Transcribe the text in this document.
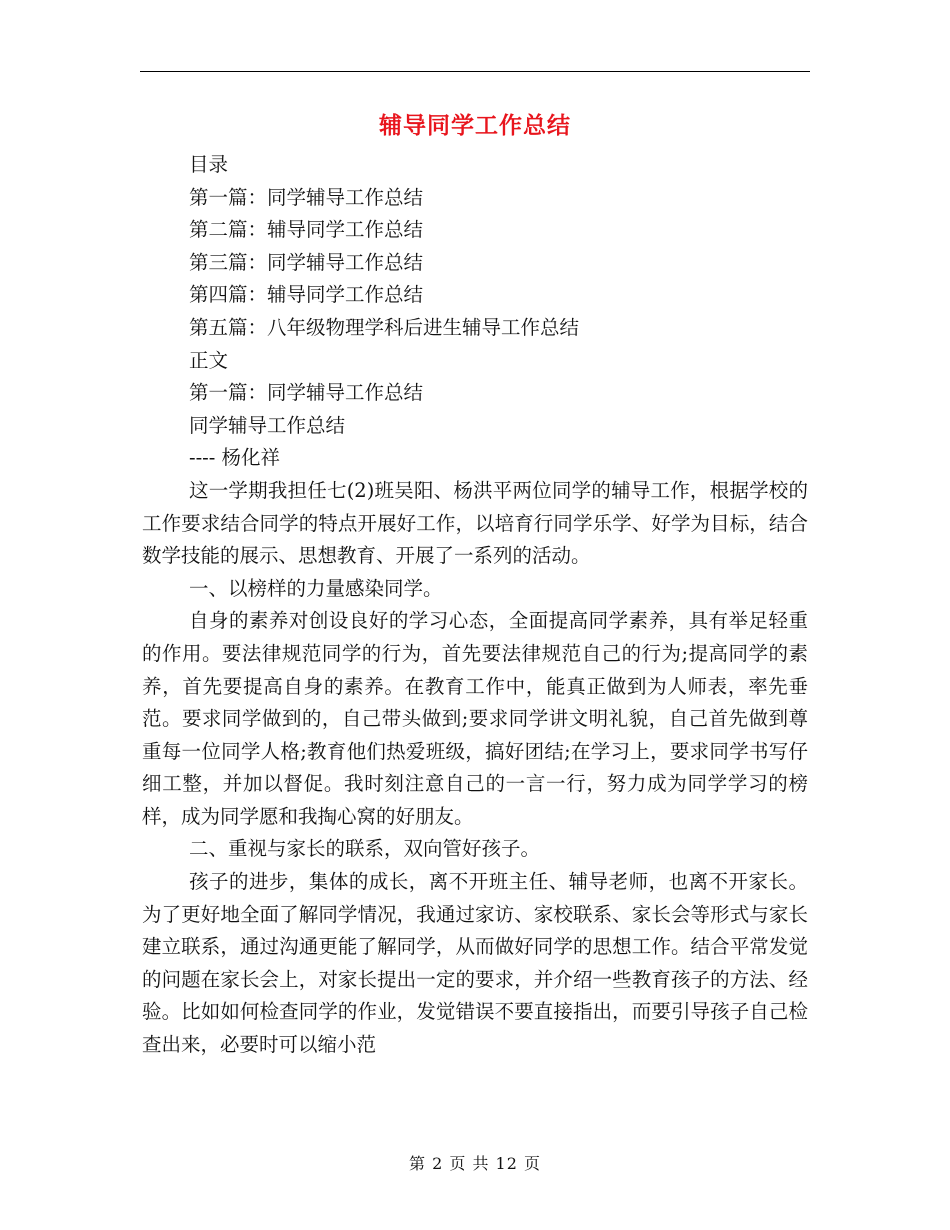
辅导同学工作总结

目录

第一篇：同学辅导工作总结

第二篇：辅导同学工作总结

第三篇：同学辅导工作总结

第四篇：辅导同学工作总结

第五篇：八年级物理学科后进生辅导工作总结

正文

第一篇：同学辅导工作总结

同学辅导工作总结

---- 杨化祥

这一学期我担任七(2)班吴阳、杨洪平两位同学的辅导工作，根据学校的工作要求结合同学的特点开展好工作，以培育行同学乐学、好学为目标，结合数学技能的展示、思想教育、开展了一系列的活动。

一、以榜样的力量感染同学。

自身的素养对创设良好的学习心态，全面提高同学素养，具有举足轻重的作用。要法律规范同学的行为，首先要法律规范自己的行为;提高同学的素养，首先要提高自身的素养。在教育工作中，能真正做到为人师表，率先垂范。要求同学做到的，自己带头做到;要求同学讲文明礼貌，自己首先做到尊重每一位同学人格;教育他们热爱班级，搞好团结;在学习上，要求同学书写仔细工整，并加以督促。我时刻注意自己的一言一行，努力成为同学学习的榜样，成为同学愿和我掏心窝的好朋友。

二、重视与家长的联系，双向管好孩子。

孩子的进步，集体的成长，离不开班主任、辅导老师，也离不开家长。为了更好地全面了解同学情况，我通过家访、家校联系、家长会等形式与家长建立联系，通过沟通更能了解同学，从而做好同学的思想工作。结合平常发觉的问题在家长会上，对家长提出一定的要求，并介绍一些教育孩子的方法、经验。比如如何检查同学的作业，发觉错误不要直接指出，而要引导孩子自己检查出来，必要时可以缩小范

第 2 页 共 12 页
